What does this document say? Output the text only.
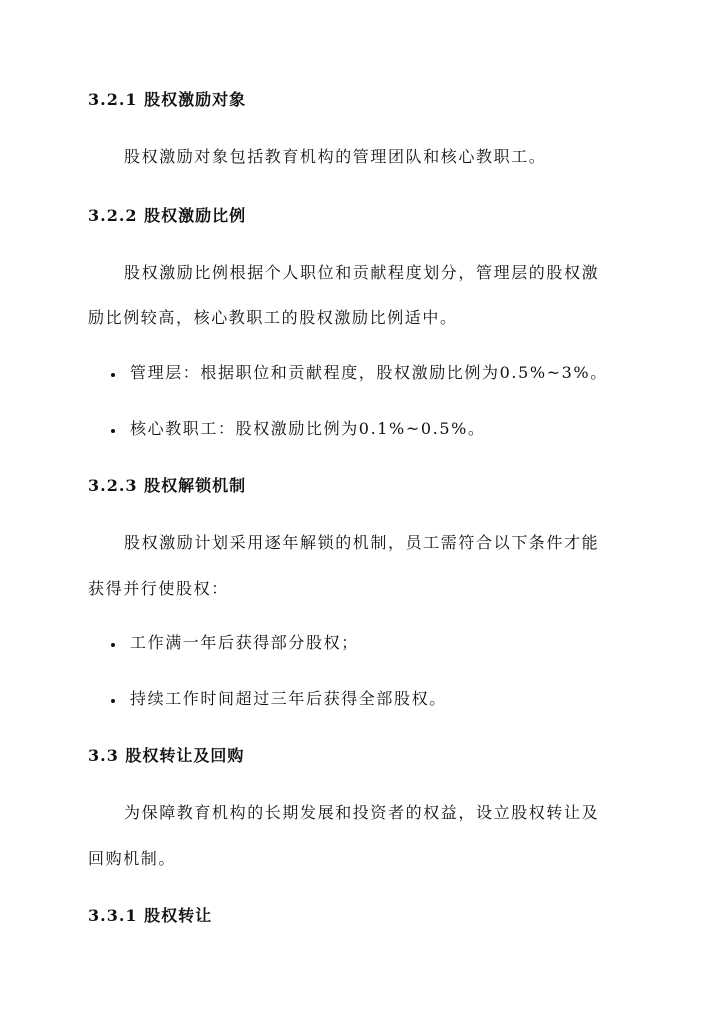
3.2.1 股权激励对象
股权激励对象包括教育机构的管理团队和核心教职工。
3.2.2 股权激励比例
股权激励比例根据个人职位和贡献程度划分，管理层的股权激
励比例较高，核心教职工的股权激励比例适中。
管理层：根据职位和贡献程度，股权激励比例为0.5%~3%。
核心教职工：股权激励比例为0.1%~0.5%。
3.2.3 股权解锁机制
股权激励计划采用逐年解锁的机制，员工需符合以下条件才能
获得并行使股权：
工作满一年后获得部分股权；
持续工作时间超过三年后获得全部股权。
3.3 股权转让及回购
为保障教育机构的长期发展和投资者的权益，设立股权转让及
回购机制。
3.3.1 股权转让
